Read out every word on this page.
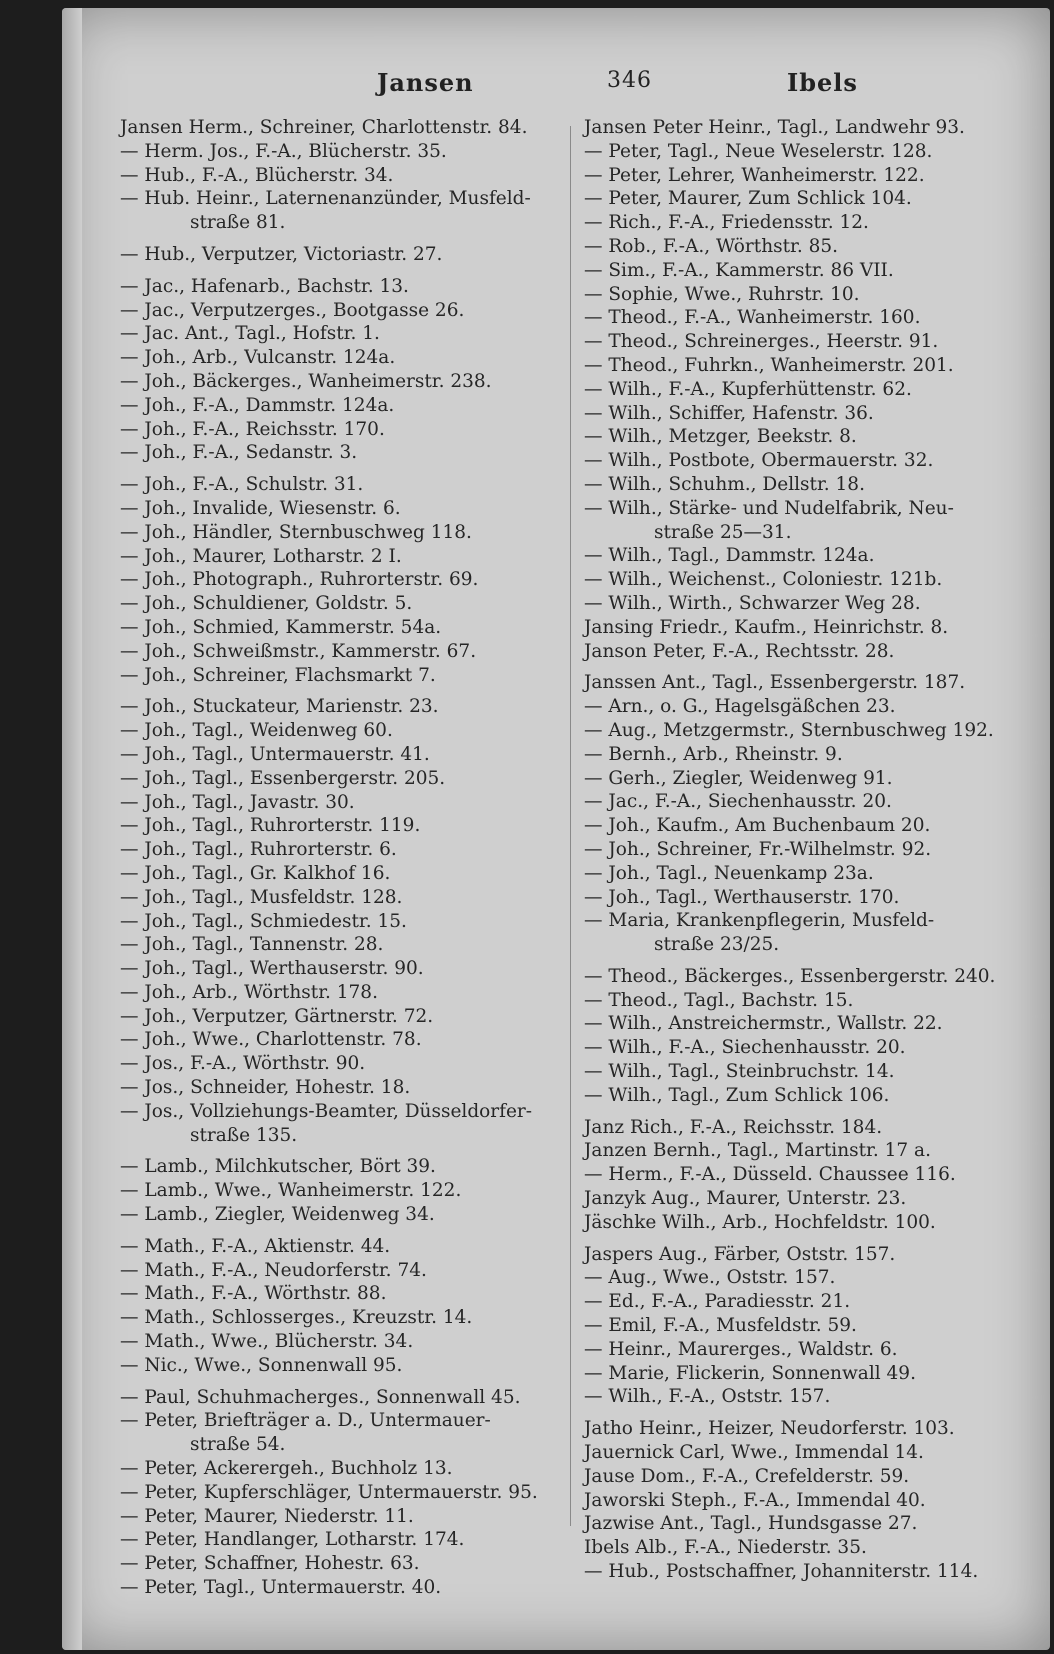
Jansen	346	Ibels
Jansen Herm., Schreiner, Charlottenstr. 84.
— Herm. Jos., F.-A., Blücherstr. 35.
— Hub., F.-A., Blücherstr. 34.
— Hub. Heinr., Laternenanzünder, Musfeld-
straße 81.
— Hub., Verputzer, Victoriastr. 27.
— Jac., Hafenarb., Bachstr. 13.
— Jac., Verputzerges., Bootgasse 26.
— Jac. Ant., Tagl., Hofstr. 1.
— Joh., Arb., Vulcanstr. 124a.
— Joh., Bäckerges., Wanheimerstr. 238.
— Joh., F.-A., Dammstr. 124a.
— Joh., F.-A., Reichsstr. 170.
— Joh., F.-A., Sedanstr. 3.
— Joh., F.-A., Schulstr. 31.
— Joh., Invalide, Wiesenstr. 6.
— Joh., Händler, Sternbuschweg 118.
— Joh., Maurer, Lotharstr. 2 I.
— Joh., Photograph., Ruhrorterstr. 69.
— Joh., Schuldiener, Goldstr. 5.
— Joh., Schmied, Kammerstr. 54a.
— Joh., Schweißmstr., Kammerstr. 67.
— Joh., Schreiner, Flachsmarkt 7.
— Joh., Stuckateur, Marienstr. 23.
— Joh., Tagl., Weidenweg 60.
— Joh., Tagl., Untermauerstr. 41.
— Joh., Tagl., Essenbergerstr. 205.
— Joh., Tagl., Javastr. 30.
— Joh., Tagl., Ruhrorterstr. 119.
— Joh., Tagl., Ruhrorterstr. 6.
— Joh., Tagl., Gr. Kalkhof 16.
— Joh., Tagl., Musfeldstr. 128.
— Joh., Tagl., Schmiedestr. 15.
— Joh., Tagl., Tannenstr. 28.
— Joh., Tagl., Werthauserstr. 90.
— Joh., Arb., Wörthstr. 178.
— Joh., Verputzer, Gärtnerstr. 72.
— Joh., Wwe., Charlottenstr. 78.
— Jos., F.-A., Wörthstr. 90.
— Jos., Schneider, Hohestr. 18.
— Jos., Vollziehungs-Beamter, Düsseldorfer-
straße 135.
— Lamb., Milchkutscher, Bört 39.
— Lamb., Wwe., Wanheimerstr. 122.
— Lamb., Ziegler, Weidenweg 34.
— Math., F.-A., Aktienstr. 44.
— Math., F.-A., Neudorferstr. 74.
— Math., F.-A., Wörthstr. 88.
— Math., Schlosserges., Kreuzstr. 14.
— Math., Wwe., Blücherstr. 34.
— Nic., Wwe., Sonnenwall 95.
— Paul, Schuhmacherges., Sonnenwall 45.
— Peter, Briefträger a. D., Untermauer-
straße 54.
— Peter, Ackerergeh., Buchholz 13.
— Peter, Kupferschläger, Untermauerstr. 95.
— Peter, Maurer, Niederstr. 11.
— Peter, Handlanger, Lotharstr. 174.
— Peter, Schaffner, Hohestr. 63.
— Peter, Tagl., Untermauerstr. 40.
Jansen Peter Heinr., Tagl., Landwehr 93.
— Peter, Tagl., Neue Weselerstr. 128.
— Peter, Lehrer, Wanheimerstr. 122.
— Peter, Maurer, Zum Schlick 104.
— Rich., F.-A., Friedensstr. 12.
— Rob., F.-A., Wörthstr. 85.
— Sim., F.-A., Kammerstr. 86 VII.
— Sophie, Wwe., Ruhrstr. 10.
— Theod., F.-A., Wanheimerstr. 160.
— Theod., Schreinerges., Heerstr. 91.
— Theod., Fuhrkn., Wanheimerstr. 201.
— Wilh., F.-A., Kupferhüttenstr. 62.
— Wilh., Schiffer, Hafenstr. 36.
— Wilh., Metzger, Beekstr. 8.
— Wilh., Postbote, Obermauerstr. 32.
— Wilh., Schuhm., Dellstr. 18.
— Wilh., Stärke- und Nudelfabrik, Neu-
straße 25—31.
— Wilh., Tagl., Dammstr. 124a.
— Wilh., Weichenst., Coloniestr. 121b.
— Wilh., Wirth., Schwarzer Weg 28.
Jansing Friedr., Kaufm., Heinrichstr. 8.
Janson Peter, F.-A., Rechtsstr. 28.
Janssen Ant., Tagl., Essenbergerstr. 187.
— Arn., o. G., Hagelsgäßchen 23.
— Aug., Metzgermstr., Sternbuschweg 192.
— Bernh., Arb., Rheinstr. 9.
— Gerh., Ziegler, Weidenweg 91.
— Jac., F.-A., Siechenhausstr. 20.
— Joh., Kaufm., Am Buchenbaum 20.
— Joh., Schreiner, Fr.-Wilhelmstr. 92.
— Joh., Tagl., Neuenkamp 23a.
— Joh., Tagl., Werthauserstr. 170.
— Maria, Krankenpflegerin, Musfeld-
straße 23/25.
— Theod., Bäckerges., Essenbergerstr. 240.
— Theod., Tagl., Bachstr. 15.
— Wilh., Anstreichermstr., Wallstr. 22.
— Wilh., F.-A., Siechenhausstr. 20.
— Wilh., Tagl., Steinbruchstr. 14.
— Wilh., Tagl., Zum Schlick 106.
Janz Rich., F.-A., Reichsstr. 184.
Janzen Bernh., Tagl., Martinstr. 17 a.
— Herm., F.-A., Düsseld. Chaussee 116.
Janzyk Aug., Maurer, Unterstr. 23.
Jäschke Wilh., Arb., Hochfeldstr. 100.
Jaspers Aug., Färber, Oststr. 157.
— Aug., Wwe., Oststr. 157.
— Ed., F.-A., Paradiesstr. 21.
— Emil, F.-A., Musfeldstr. 59.
— Heinr., Maurerges., Waldstr. 6.
— Marie, Flickerin, Sonnenwall 49.
— Wilh., F.-A., Oststr. 157.
Jatho Heinr., Heizer, Neudorferstr. 103.
Jauernick Carl, Wwe., Immendal 14.
Jause Dom., F.-A., Crefelderstr. 59.
Jaworski Steph., F.-A., Immendal 40.
Jazwise Ant., Tagl., Hundsgasse 27.
Ibels Alb., F.-A., Niederstr. 35.
— Hub., Postschaffner, Johanniterstr. 114.
